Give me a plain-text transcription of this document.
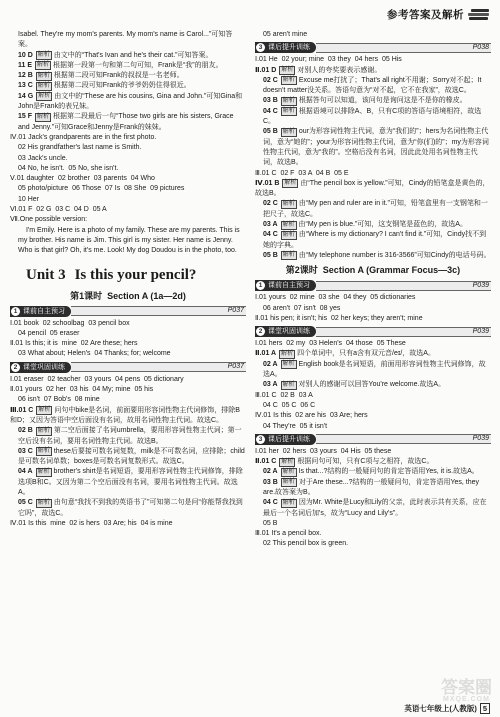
参考答案及解析

Isabel. They're my mom's parents. My mom's name is Carol...”可知答案。

10 D 解析 由文中的“That's Ivan and he's their cat.”可知答案。

11 E 解析 根据第一段第一句和第二句可知，Frank是“我”的朋友。

12 B 解析 根据第二段可知Frank的叔叔是一名老师。

13 C 解析 根据第二段可知Frank的爷爷奶奶住得很近。

14 G 解析 由文中的“These are his cousins, Gina and John.”可知Gina和John是Frank的表兄妹。

15 F 解析 根据第二段最后一句“Those two girls are his sisters, Grace and Jenny.”可知Grace和Jenny是Frank的妹妹。

Ⅳ.01 Jack's grandparents are in the first photo.

02 His grandfather's last name is Smith.

03 Jack's uncle.

04 No, he isn't.  05 No, she isn't.

Ⅴ.01 daughter  02 brother  03 parents  04 Who

05 photo/picture  06 Those  07 Is  08 She  09 pictures

10 Her

Ⅵ.01 F  02 G  03 C  04 D  05 A

Ⅶ.One possible version:

I'm Emily. Here is a photo of my family. These are my parents. This is my brother. His name is Jim. This girl is my sister. Her name is Jenny. Who is that girl? Oh, it's me. Look! My dog Doudou is in the photo, too.

Unit 3 Is this your pencil?
第1课时  Section A (1a—2d)
1 课前自主预习	P037

Ⅰ.01 book  02 schoolbag  03 pencil box

04 pencil  05 eraser

Ⅱ.01 Is this; it is  mine  02 Are these; hers

03 What about; Helen's  04 Thanks; for; welcome

2 课堂巩固训练	P037

Ⅰ.01 eraser  02 teacher  03 yours  04 pens  05 dictionary

Ⅱ.01 yours  02 her  03 his  04 My; mine  05 his

06 isn't  07 Bob's  08 mine

Ⅲ.01 C 解析 问句中bike是名词，前面要用形容词性物主代词修饰，排除B和D；又因为答语中空后面没有名词，故用名词性物主代词。故选C。

02 B 解析 第二空后面接了名词umbrella，要用形容词性物主代词；第一空后没有名词，要用名词性物主代词。故选B。

03 C 解析 these后要接可数名词复数，milk是不可数名词，应排除；child是可数名词单数；boxes是可数名词复数形式。故选C。

04 A 解析 brother's shirt是名词短语，要用形容词性物主代词修饰，排除选项B和C。又因为第二个空后面没有名词，要用名词性物主代词。故选A。

05 C 解析 由句意“我找不到我的英语书了”可知第二句是问“你能帮我找到它吗”，故选C。

Ⅳ.01 Is this  mine  02 is hers  03 Are; his  04 is mine

05 aren't mine

3 课后提升训练	P038

Ⅰ.01 He  02 your; mine  03 they  04 hers  05 His

Ⅱ.01 D 解析 对别人的夸奖要表示感谢。

02 C 解析 Excuse me打扰了；That's all right不用谢；Sorry对不起；It doesn't matter没关系。答语句意为“对不起，它不在我家”，故选C。

03 B 解析 根据答句可以知道，该问句是询问这是不是你的橡皮。

04 C 解析 根据语境可以排除A、B，只有C项的答语与语境相符，故选C。

05 B 解析 our为形容词性物主代词，意为“我们的”；hers为名词性物主代词，意为“她的”；your为形容词性物主代词，意为“你(们)的”；my为形容词性物主代词，意为“我的”。空格后没有名词，因此此处用名词性物主代词，故选B。

Ⅲ.01 C  02 F  03 A  04 B  05 E

Ⅳ.01 B 解析 由“The pencil box is yellow.”可知，Cindy的铅笔盒是黄色的，故选B。

02 C 解析 由“My pen and ruler are in it.”可知，铅笔盒里有一支钢笔和一把尺子，故选C。

03 A 解析 由“My pen is blue.”可知，这支钢笔是蓝色的，故选A。

04 C 解析 由“Where is my dictionary? I can't find it.”可知，Cindy找不到她的字典。

05 B 解析 由“My telephone number is 316-3566”可知Cindy的电话号码。

第2课时  Section A (Grammar Focus—3c)
1 课前自主预习	P039

Ⅰ.01 yours  02 mine  03 she  04 they  05 dictionaries

06 aren't  07 isn't  08 yes

Ⅱ.01 his pen; it isn't; his  02 her keys; they aren't; mine

2 课堂巩固训练	P039

Ⅰ.01 hers  02 my  03 Helen's  04 those  05 These

Ⅱ.01 A 解析 四个单词中，只有a含有双元音/eɪ/，故选A。

02 A 解析 English book是名词短语，前面用形容词性物主代词修饰，故选A。

03 A 解析 对别人的感谢可以回答You're welcome.故选A。

Ⅲ.01 C  02 B  03 A

04 C  05 C  06 C

Ⅳ.01 Is this  02 are his  03 Are; hers

04 They're  05 it isn't

3 课后提升训练	P039

Ⅰ.01 her  02 hers  03 yours  04 His  05 these

Ⅱ.01 C 解析 根据问句可知，只有C项与之相符，故选C。

02 A 解析 Is that...?结构的一般疑问句的肯定答语用Yes, it is.故选A。

03 B 解析 对于Are these...?结构的一般疑问句，肯定答语用Yes, they are.故答案为B。

04 C 解析 因为Mr. White是Lucy和Lily的父亲，此时表示共有关系，应在最后一个名词后加's，故为“Lucy and Lily's”。

05 B

Ⅲ.01 It's a pencil box.

02 This pencil box is green.

答案圈
MXQE.COM
英语七年级上(人教版) 5
